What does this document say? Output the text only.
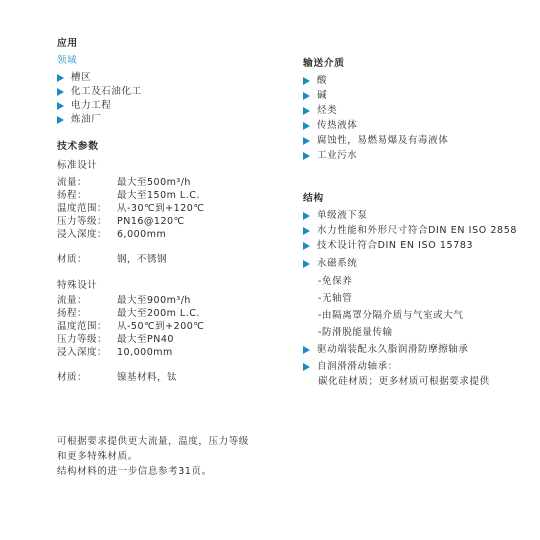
应用
领域
槽区
化工及石油化工
电力工程
炼油厂
技术参数
标准设计
流量：	最大至500m³/h
扬程：	最大至150m L.C.
温度范围： 从-30℃到+120℃
压力等级： PN16@120℃
浸入深度： 6,000mm
材质：	钢，不锈钢
特殊设计
流量：	最大至900m³/h
扬程：	最大至200m L.C.
温度范围： 从-50℃到+200℃
压力等级： 最大至PN40
浸入深度： 10,000mm
材质：	镍基材料，钛
可根据要求提供更大流量，温度，压力等级
和更多特殊材质。
结构材料的进一步信息参考31页。
输送介质
酸
碱
烃类
传热液体
腐蚀性，易燃易爆及有毒液体
工业污水
结构
单级液下泵
水力性能和外形尺寸符合DIN EN ISO 2858
技术设计符合DIN EN ISO 15783
永磁系统
-免保养
-无轴管
-由隔离罩分隔介质与气室或大气
-防滑脱能量传输
驱动端装配永久脂润滑防摩擦轴承
自润滑滑动轴承：
碳化硅材质；更多材质可根据要求提供
